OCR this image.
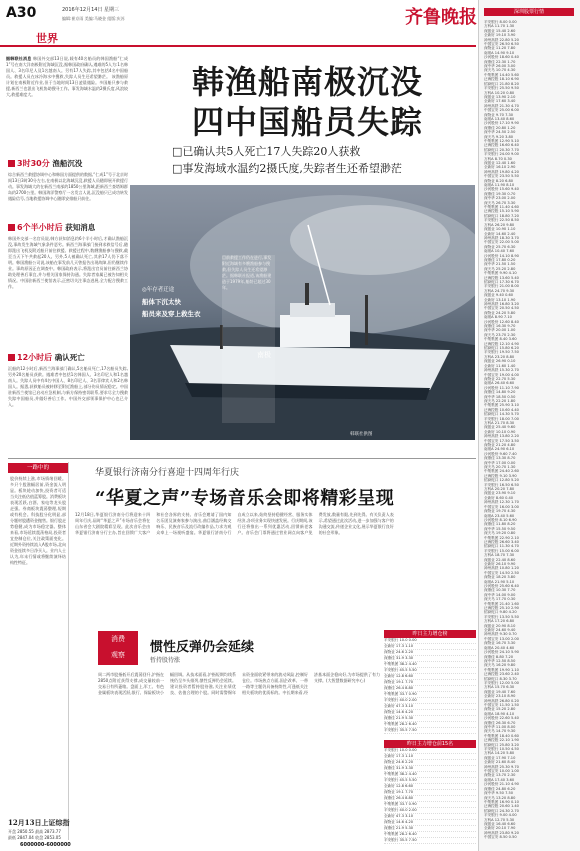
A30	2016年12月14日 星期三
编辑:崔京雨 美编:马晓金 组版:庆苏	齐鲁晚报
世界
深圳股票行情
平安银行 8.00 0.00
万科A 11.70 1.30
深振业 15.40 2.60
全新好 19.10 3.90
神州高铁 22.80 5.20
中国宝安 26.50 6.50
深物业 11.20 7.80
南玻A 14.90 9.10
沙河股份 18.60 0.40
深康佳 22.30 1.70
深中华 26.00 3.00
深天马 10.70 4.30
中集集团 14.40 5.60
泛海控股 18.10 6.90
招商蛇口 21.80 8.20
平安银行 25.50 9.50
万科A 10.20 0.80
深振业 13.90 2.10
全新好 17.60 3.40
神州高铁 21.30 4.70
中国宝安 25.00 6.00
深物业 9.70 7.30
南玻A 13.40 8.60
沙河股份 17.10 9.90
深康佳 20.80 1.20
深中华 24.50 2.50
深天马 9.20 3.80
中集集团 12.90 5.10
泛海控股 16.60 6.40
招商蛇口 20.30 7.70
平安银行 24.00 9.00
万科A 8.70 0.30
深振业 12.40 1.60
全新好 16.10 2.90
神州高铁 19.80 4.20
中国宝安 23.50 5.50
深物业 8.20 6.80
南玻A 11.90 8.10
沙河股份 15.60 9.40
深康佳 19.30 0.70
深中华 23.00 2.00
深天马 26.70 3.30
中集集团 11.40 4.60
泛海控股 15.10 5.90
招商蛇口 18.80 7.20
平安银行 22.50 8.50
万科A 26.20 9.80
深振业 10.90 1.10
全新好 14.60 2.40
神州高铁 18.30 3.70
中国宝安 22.00 5.00
深物业 25.70 6.30
南玻A 10.40 7.60
沙河股份 14.10 8.90
深康佳 17.80 0.20
深中华 21.50 1.50
深天马 25.20 2.80
中集集团 9.90 4.10
泛海控股 13.60 5.40
招商蛇口 17.30 6.70
平安银行 21.00 8.00
万科A 24.70 9.30
深振业 9.40 0.60
全新好 13.10 1.90
神州高铁 16.80 3.20
中国宝安 20.50 4.50
深物业 24.20 5.80
南玻A 8.90 7.10
沙河股份 12.60 8.40
深康佳 16.30 9.70
深中华 20.00 1.00
深天马 23.70 2.30
中集集团 8.40 3.60
泛海控股 12.10 4.90
招商蛇口 15.80 6.20
平安银行 19.50 7.50
万科A 23.20 8.80
深振业 26.90 0.10
全新好 11.60 1.40
神州高铁 15.30 2.70
中国宝安 19.00 4.00
深物业 22.70 5.30
南玻A 26.40 6.60
沙河股份 11.10 7.90
深康佳 14.80 9.20
深中华 18.50 0.50
深天马 22.20 1.80
中集集团 25.90 3.10
泛海控股 10.60 4.40
招商蛇口 14.30 5.70
平安银行 18.00 7.00
万科A 21.70 8.30
深振业 25.40 9.60
全新好 10.10 0.90
神州高铁 13.80 2.20
中国宝安 17.50 3.50
深物业 21.20 4.80
南玻A 24.90 6.10
沙河股份 9.60 7.40
深康佳 13.30 8.70
深中华 17.00 0.00
深天马 20.70 1.30
中集集团 24.40 2.60
泛海控股 9.10 3.90
招商蛇口 12.80 5.20
平安银行 16.50 6.50
万科A 20.20 7.80
深振业 23.90 9.10
全新好 8.60 0.40
神州高铁 12.30 1.70
中国宝安 16.00 3.00
深物业 19.70 4.30
南玻A 23.40 5.60
沙河股份 8.10 6.90
深康佳 11.80 8.20
深中华 15.50 9.50
深天马 19.20 0.80
中集集团 22.90 2.10
泛海控股 26.60 3.40
招商蛇口 11.30 4.70
平安银行 15.00 6.00
万科A 18.70 7.30
深振业 22.40 8.60
全新好 26.10 9.90
神州高铁 10.80 1.20
中国宝安 14.50 2.50
深物业 18.20 3.80
南玻A 21.90 5.10
沙河股份 25.60 6.40
深康佳 10.30 7.70
深中华 14.00 9.00
深天马 17.70 0.30
中集集团 21.40 1.60
泛海控股 25.10 2.90
招商蛇口 9.80 4.20
平安银行 13.50 5.50
万科A 17.20 6.80
深振业 20.90 8.10
全新好 24.60 9.40
神州高铁 9.30 0.70
中国宝安 13.00 2.00
深物业 16.70 3.30
南玻A 20.40 4.60
沙河股份 24.10 5.90
深康佳 8.80 7.20
深中华 12.50 8.50
深天马 16.20 9.80
中集集团 19.90 1.10
泛海控股 23.60 2.40
招商蛇口 8.30 3.70
平安银行 12.00 5.00
万科A 15.70 6.30
深振业 19.40 7.60
全新好 23.10 8.90
神州高铁 26.80 0.20
中国宝安 11.50 1.50
深物业 15.20 2.80
南玻A 18.90 4.10
沙河股份 22.60 5.40
深康佳 26.30 6.70
深中华 11.00 8.00
深天马 14.70 9.30
中集集团 18.40 0.60
泛海控股 22.10 1.90
招商蛇口 25.80 3.20
平安银行 10.50 4.50
万科A 14.20 5.80
深振业 17.90 7.10
全新好 21.60 8.40
神州高铁 25.30 9.70
中国宝安 10.00 1.00
深物业 13.70 2.30
南玻A 17.40 3.60
沙河股份 21.10 4.90
深康佳 24.80 6.20
深中华 9.50 7.50
深天马 13.20 8.80
中集集团 16.90 0.10
泛海控股 20.60 1.40
招商蛇口 24.30 2.70
平安银行 9.00 4.00
万科A 12.70 5.30
深振业 16.40 6.60
全新好 20.10 7.90
神州高铁 23.80 9.20
中国宝安 8.50 0.50
韩渔船南极沉没
四中国船员失踪
□已确认共5人死亡17人失踪20人获救
□事发海域水温约2摄氏度,失踪者生还希望渺茫
据韩联社消息 韩国外交部13日说,载有40名船员的韩国渔船“仁成1”号在南大洋南极附近海域沉没,据韩国政府确认,遇难的5人为:1名韩国人、3名印尼人及1名越南人。另有17人失踪,其中包括4名中国船员。救援人员在冰冷海水中搜救,失踪人员生还希望渺茫。 该渔船原计划在南极附近作业,但于当地时间13日凌晨遇险。多国船只参与救援,新西兰也派出飞机协助搜寻工作。事发海域水温约2摄氏度,风浪较大,救援难度大。
3时30分 渔船沉没
综合新西兰救援协调中心和韩国方面提供的数据,“仁成1”号于北京时间13日3时30分左右,在南极以北海域沉没,救援人员随即展开救援行动。事发海域大约在新西兰南部约1850公里海域,距新西兰查塔姆群岛约2700公里。韩国海洋警察厅一名发言人说,沉没船只已成功转发遇险信号,当地救援协调中心随即安排船只前往。
6个半小时后 获知消息
韩国外交部一名官员说,韩方获知消息约6个半小时后,才确认渔船沉没,事故发生海域气象条件恶劣。新西兰海事部门接到求救信号后,随即派出飞机及附近船只前往救援。救援过程中,数艘渔船参与搜救,截至当天下午共救起20人。另外,5人被确认死亡,其余17人仍下落不明。韩国渔船公司说,该船在事发前几天曾报告出现故障,但仍继续作业。事故原因正在调查中。韩国政府表示,将派出官员前往新西兰协助处理善后事宜,并与相关国家保持沟通。失踪者家属已被告知相关情况。中国驻新西兰使馆表示,正密切关注事态进展,全力配合搜救工作。
12小时后 确认死亡
沉船约12小时后,新西兰海事部门确认,5名船员死亡,17名船员失踪,另外20名船员获救。遇难者中包括1名韩国人、3名印尼人和1名越南人。失踪人员中有4名中国人、8名印尼人、3名菲律宾人和2名韩国人。据悉,获救船员被转移至附近渔船上,部分伤员情况稳定。中国驻新西兰使馆已启动应急机制,与新方保持密切联系,要求尽全力搜救失踪中国船员,并做好善后工作。中国外交部领事保护中心也已介入。
◎年存者迁途
船体下沉太快
船员来及穿上救生衣
南极
韩联社供图
目前救援工作仍在进行,事发附近海域有多艘渔船参与搜救,但失踪人员生还希望渺茫。据韩联社报道,该渔船建造于1979年,船龄已超过30年。
一路中的
股价持续上涨,市场情绪回暖。多只个股涨幅居前,资金流入明显。板块轮动加快,投资者可适当关注低估值蓝筹股。消费板块表现活跃,白酒、家电等龙头股走强。券商板块震荡整理,短期或有机会。科技股分化明显,部分题材股遭资金抛售。银行股走势稳健,成为市场稳定器。整体来看,市场延续震荡格局,投资者宜控制仓位,关注政策面变化。近期外资持续流入A股市场,北向资金连续多日净买入。业内人士认为,年末行情或将继续演绎结构性特征。
华夏银行济南分行喜迎十四周年行庆
“华夏之声”专场音乐会即将精彩呈现
12月18日,华夏银行济南分行将迎来十四周年行庆,届时“华夏之声”专场音乐会将在山东省会大剧院精彩呈现。此次音乐会由华夏银行济南分行主办,旨在回馈广大客户和社会各界的支持。音乐会邀请了国内知名乐团及演奏家参与演出,曲目涵盖经典交响乐、民族音乐及流行改编作品,力求为观众奉上一场视听盛宴。华夏银行济南分行自成立以来,始终坚持稳健经营、服务实体经济,各项业务实现快速发展。行庆期间,该行还将推出一系列优惠活动,回馈新老客户。音乐会门票将通过营业网点向客户免费发放,数量有限,先到先得。有关负责人表示,希望通过此次活动,进一步加强与客户的沟通交流,传递企业文化,展示华夏银行良好的社会形象。
消费
观察	惯性反弹仍会延续
暂持股待涨
周二两市股指低开后震荡回升,沪指在2850点附近获得支撑,成交量较前一交易日有所萎缩。盘面上,军工、有色金属板块表现活跃,银行、保险板块小幅回调。从技术面看,沪指短期均线系统仍呈多头排列,惯性反弹仍会延续。建议投资者暂持股待涨,关注业绩优良、估值合理的个股。同时需警惕年末资金面收紧带来的波动风险,控制好仓位。市场热点方面,国企改革、一带一路等主题仍具备持续性,可逢低关注相关板块的优质标的。中长期来看,经济基本面企稳向好,为市场提供了有力支撑。(大智慧数据研究中心)
昨日主力增仓榜
平安银行 10.0 0.00
全新好 17.3 1.10
深物业 24.6 2.20
深康佳 31.9 3.30
中集集团 38.2 4.40
平安银行 45.5 5.50
全新好 12.8 6.60
深物业 19.1 7.70
深康佳 26.4 8.80
中集集团 33.7 0.90
平安银行 40.0 2.00
全新好 47.3 3.10
深物业 14.6 4.20
深康佳 21.9 5.30
中集集团 28.2 6.40
平安银行 35.5 7.50
昨日主力增仓前15名
平安银行 10.0 0.00
全新好 17.3 1.10
深物业 24.6 2.20
深康佳 31.9 3.30
中集集团 38.2 4.40
平安银行 45.5 5.50
全新好 12.8 6.60
深物业 19.1 7.70
深康佳 26.4 8.80
中集集团 33.7 0.90
平安银行 40.0 2.00
全新好 47.3 3.10
深物业 14.6 4.20
深康佳 21.9 5.30
中集集团 28.2 6.40
平安银行 35.5 7.50
12月13日上证综指
开盘 2850.55 最高 2873.77
最低 2847.04 收盘 2853.05
6000000-6000000
